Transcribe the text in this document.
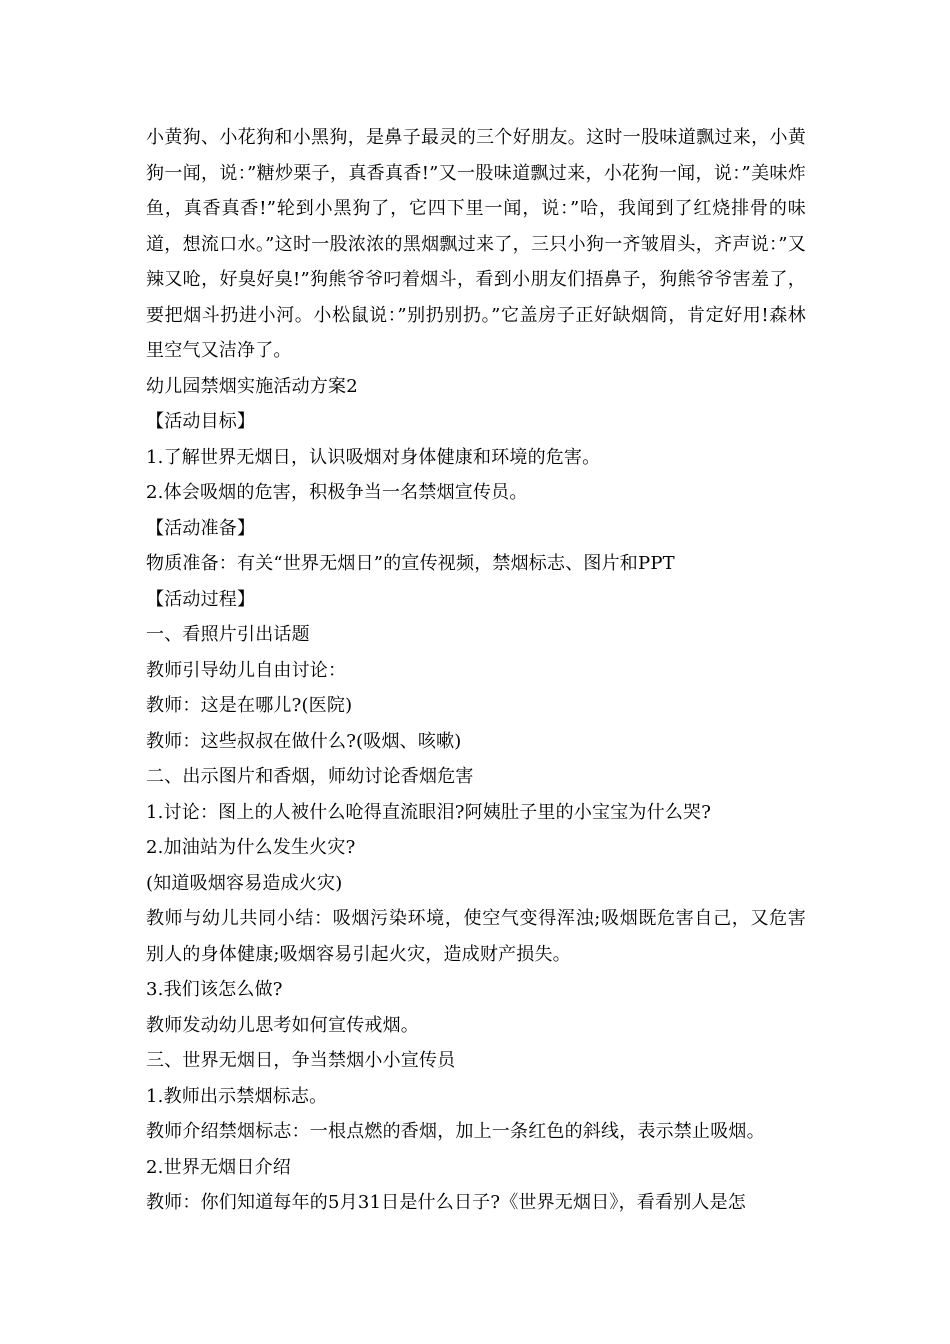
小黄狗、小花狗和小黑狗，是鼻子最灵的三个好朋友。这时一股味道飘过来，小黄狗一闻，说：”糖炒栗子，真香真香!”又一股味道飘过来，小花狗一闻，说：”美味炸鱼，真香真香!”轮到小黑狗了，它四下里一闻，说：”哈，我闻到了红烧排骨的味道，想流口水。”这时一股浓浓的黑烟飘过来了，三只小狗一齐皱眉头，齐声说：”又辣又呛，好臭好臭!”狗熊爷爷叼着烟斗，看到小朋友们捂鼻子，狗熊爷爷害羞了，要把烟斗扔进小河。小松鼠说：”别扔别扔。”它盖房子正好缺烟筒，肯定好用!森林里空气又洁净了。

幼儿园禁烟实施活动方案2

【活动目标】

1.了解世界无烟日，认识吸烟对身体健康和环境的危害。

2.体会吸烟的危害，积极争当一名禁烟宣传员。

【活动准备】

物质准备：有关“世界无烟日”的宣传视频，禁烟标志、图片和PPT

【活动过程】

一、看照片引出话题

教师引导幼儿自由讨论：

教师：这是在哪儿?(医院)

教师：这些叔叔在做什么?(吸烟、咳嗽)

二、出示图片和香烟，师幼讨论香烟危害

1.讨论：图上的人被什么呛得直流眼泪?阿姨肚子里的小宝宝为什么哭?

2.加油站为什么发生火灾?

(知道吸烟容易造成火灾)

教师与幼儿共同小结：吸烟污染环境，使空气变得浑浊;吸烟既危害自己，又危害别人的身体健康;吸烟容易引起火灾，造成财产损失。

3.我们该怎么做?

教师发动幼儿思考如何宣传戒烟。

三、世界无烟日，争当禁烟小小宣传员

1.教师出示禁烟标志。

教师介绍禁烟标志：一根点燃的香烟，加上一条红色的斜线，表示禁止吸烟。

2.世界无烟日介绍

教师：你们知道每年的5月31日是什么日子?《世界无烟日》，看看别人是怎
